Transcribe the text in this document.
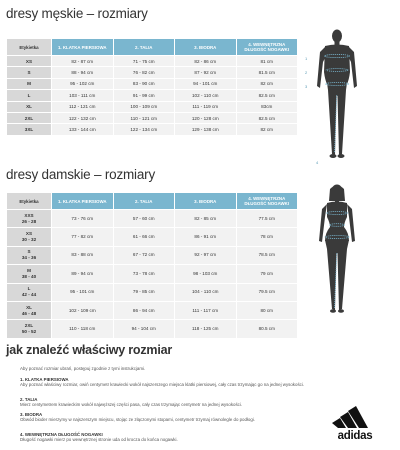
dresy męskie – rozmiary
Etykietka	1. KLATKA PIERSIOWA	2. TALIA	3. BIODRA	4. WEWNĘTRZNA DŁUGOŚĆ NOGAWKI
XS	82 - 87 cm	71 - 75 cm	82 - 86 cm	81 cm
S	88 - 94 cm	76 - 82 cm	87 - 92 cm	81.5 cm
M	95 - 102 cm	83 - 90 cm	94 - 101 cm	82 cm
L	103 - 111 cm	91 - 99 cm	102 - 110 cm	82.5 cm
XL	112 - 121 cm	100 - 109 cm	111 - 119 cm	83cm
2XL	122 - 132 cm	110 - 121 cm	120 - 128 cm	82.5 cm
3XL	133 - 144 cm	122 - 134 cm	129 - 138 cm	82 cm
1
2
3
4
dresy damskie – rozmiary
Etykietka	1. KLATKA PIERSIOWA	2. TALIA	3. BIODRA	4. WEWNĘTRZNA DŁUGOŚĆ NOGAWKI

XXS
26 - 28	73 - 76 cm	57 - 60 cm	82 - 85 cm	77.5 cm

XS
30 - 32	77 - 82 cm	61 - 66 cm	86 - 91 cm	78 cm

S
34 - 36	83 - 88 cm	67 - 72 cm	92 - 97 cm	78.5 cm

M
38 - 40	89 - 94 cm	73 - 78 cm	98 - 103 cm	79 cm

L
42 - 44	95 - 101 cm	79 - 85 cm	104 - 110 cm	79.5 cm

XL
46 - 48	102 - 109 cm	86 - 94 cm	111 - 117 cm	80 cm

2XL
50 - 52	110 - 118 cm	94 - 104 cm	118 - 125 cm	80.5 cm
jak znaleźć właściwy rozmiar

Aby poznać rozmiar ubrań, postępuj zgodnie z tymi instrukcjami.

1. KLATKA PIERSIOWA

Aby poznać właściwy rozmiar, owiń centymetr krawiecki wokół najszerszego miejsca klatki piersiowej, cały czas trzymając go na jednej wysokości.

2. TALIA

Mierz centymetrem krawieckim wokół najwęższej części pasa, cały czas trzymając centymetr na jednej wysokości.

3. BIODRA

Obwód bioder mierzymy w najszerszym miejscu, stojąc ze złączonymi stopami, centymetr trzymaj równolegle do podłogi.

4. WEWNĘTRZNA DŁUGOŚĆ NOGAWKI

Długość nogawki mierz po wewnętrznej stronie uda od krocza do końca nogawki.	adidas
